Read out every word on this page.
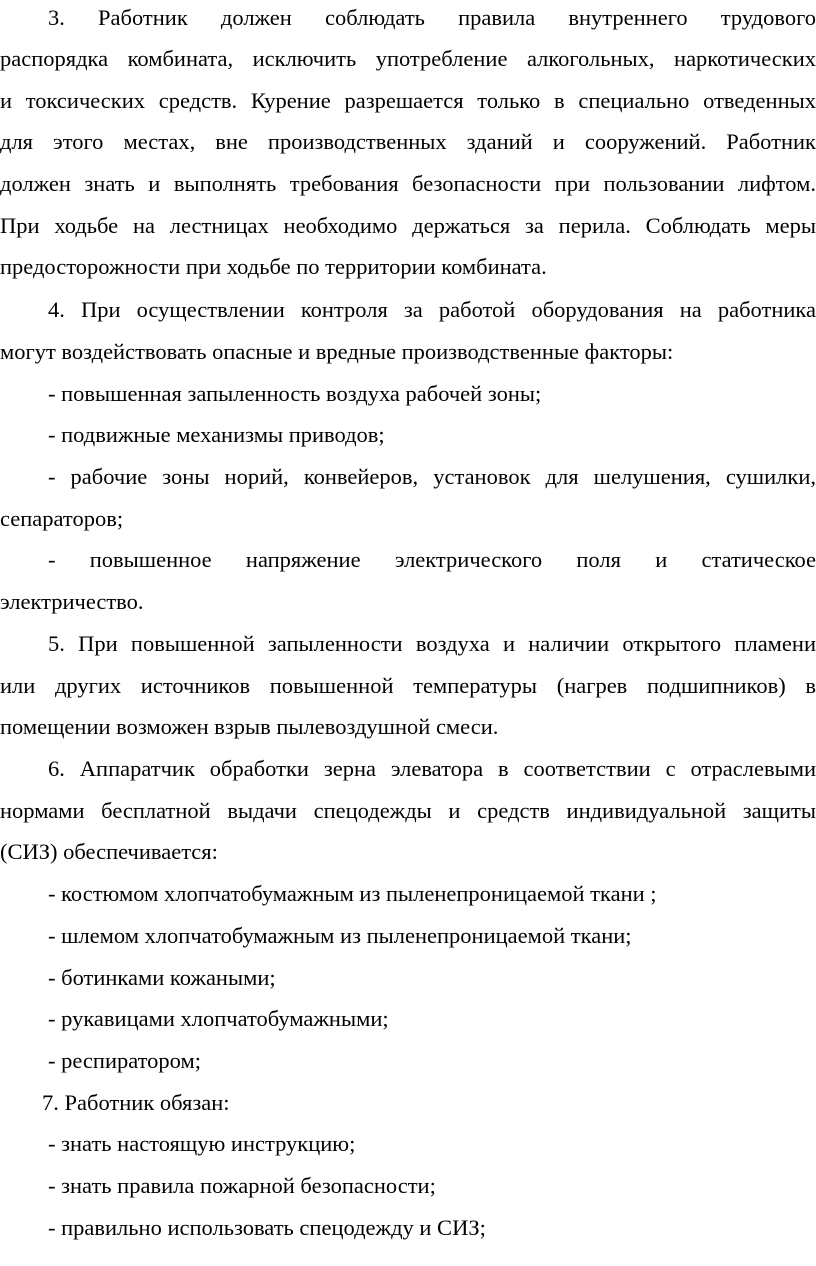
3. Работник должен соблюдать правила внутреннего трудового
распорядка комбината, исключить употребление алкогольных, наркотических
и токсических средств. Курение разрешается только в специально отведенных
для этого местах, вне производственных зданий и сооружений. Работник
должен знать и выполнять требования безопасности при пользовании лифтом.
При ходьбе на лестницах необходимо держаться за перила. Соблюдать меры
предосторожности при ходьбе по территории комбината.
4. При осуществлении контроля за работой оборудования на работника
могут воздействовать опасные и вредные производственные факторы:
- повышенная запыленность воздуха рабочей зоны;
- подвижные механизмы приводов;
- рабочие зоны норий, конвейеров, установок для шелушения, сушилки,
сепараторов;
- повышенное напряжение электрического поля и статическое
электричество.
5. При повышенной запыленности воздуха и наличии открытого пламени
или других источников повышенной температуры (нагрев подшипников) в
помещении возможен взрыв пылевоздушной смеси.
6. Аппаратчик обработки зерна элеватора в соответствии с отраслевыми
нормами бесплатной выдачи спецодежды и средств индивидуальной защиты
(СИЗ) обеспечивается:
- костюмом хлопчатобумажным из пыленепроницаемой ткани ;
- шлемом хлопчатобумажным из пыленепроницаемой ткани;
- ботинками кожаными;
- рукавицами хлопчатобумажными;
- респиратором;
7. Работник обязан:
- знать настоящую инструкцию;
- знать правила пожарной безопасности;
- правильно использовать спецодежду и СИЗ;
